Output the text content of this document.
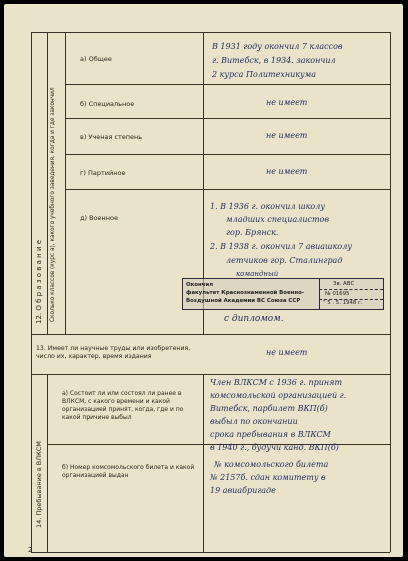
12. О б р а з о в а н и е Сколько классов (курс а), какого учебного заведения, когда и где закончил
а) Общее
б) Специальное
в) Ученая степень
г) Партийное
д) Военное
В 1931 году окончил 7 классов
г. Витебск, в 1934. закончил
2 курса Политехникума
не имеет
не имеет
не имеет
1. В 1936 г. окончил школу
младших специалистов
гор. Брянск.
2. В 1938 г. окончил 7 авиашколу
летчиков гор. Сталинград
командный
Окончил
факультет Краснознаменной Военно-
Воздушной Академии ВС Союза ССР
Зв. АВС
№ 01695
" 5 . 5. 1948 г.
с дипломом.
13. Имеет ли научные труды или изобретения, число их, характер, время издания	не имеет
14. Пребывание в ВЛКСМ
а) Состоит ли или состоял ли ранее в ВЛКСМ, с какого времени и какой организацией принят, когда, где и по какой причине выбыл
б) Номер комсомольского билета и какой организацией выдан
Член ВЛКСМ с 1936 г. принят
комсомольской организацией г.
Витебск, парбилет ВКП(б)
выбыл по окончании
срока пребывания в ВЛКСМ
в 1940 г., будучи канд. ВКП(б)
№ комсомольского билета
№ 2157б. сдан комитету в
19 авиабригаде
2
